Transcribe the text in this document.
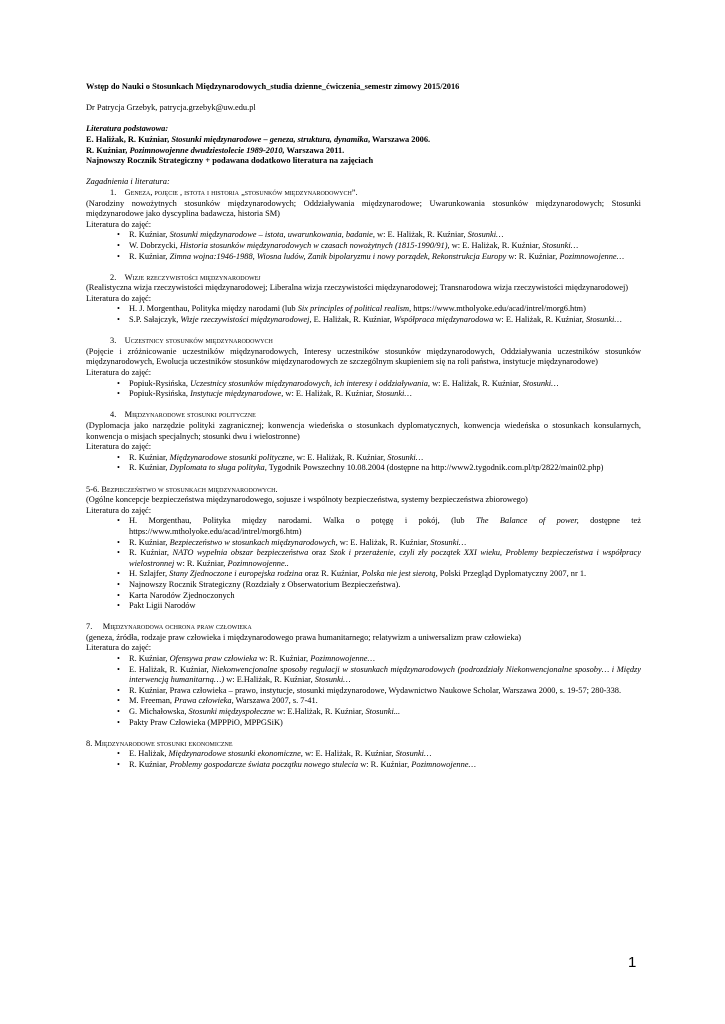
Wstęp do Nauki o Stosunkach Międzynarodowych_studia dzienne_ćwiczenia_semestr zimowy 2015/2016

Dr Patrycja Grzebyk, patrycja.grzebyk@uw.edu.pl

Literatura podstawowa:

E. Haliżak, R. Kuźniar, Stosunki międzynarodowe – geneza, struktura, dynamika, Warszawa 2006.

R. Kuźniar, Pozimnowojenne dwudziestolecie 1989-2010, Warszawa 2011.

Najnowszy Rocznik Strategiczny + podawana dodatkowo literatura na zajęciach

Zagadnienia i literatura:

1. Geneza, pojęcie , istota i historia „stosunków międzynarodowych”.

(Narodziny nowożytnych stosunków międzynarodowych; Oddziaływania międzynarodowe; Uwarunkowania stosunków międzynarodowych; Stosunki międzynarodowe jako dyscyplina badawcza, historia SM)

Literatura do zajęć:

• R. Kuźniar, Stosunki międzynarodowe – istota, uwarunkowania, badanie, w: E. Haliżak, R. Kuźniar, Stosunki…
• W. Dobrzycki, Historia stosunków międzynarodowych w czasach nowożytnych (1815-1990/91), w: E. Haliżak, R. Kuźniar, Stosunki…
• R. Kuźniar, Zimna wojna:1946-1988, Wiosna ludów, Zanik bipolaryzmu i nowy porządek, Rekonstrukcja Europy w: R. Kuźniar, Pozimnowojenne…

2. Wizje rzeczywistości międzynarodowej

(Realistyczna wizja rzeczywistości międzynarodowej; Liberalna wizja rzeczywistości międzynarodowej; Transnarodowa wizja rzeczywistości międzynarodowej)

Literatura do zajęć:

• H. J. Morgenthau, Polityka między narodami (lub Six principles of political realism, https://www.mtholyoke.edu/acad/intrel/morg6.htm)
• S.P. Sałajczyk, Wizje rzeczywistości międzynarodowej, E. Haliżak, R. Kuźniar, Współpraca międzynarodowa w: E. Haliżak, R. Kuźniar, Stosunki…

3. Uczestnicy stosunków międzynarodowych

(Pojęcie i zróżnicowanie uczestników międzynarodowych, Interesy uczestników stosunków międzynarodowych, Oddziaływania uczestników stosunków międzynarodowych, Ewolucja uczestników stosunków międzynarodowych ze szczególnym skupieniem się na roli państwa, instytucje międzynarodowe)

Literatura do zajęć:

• Popiuk-Rysińska, Uczestnicy stosunków międzynarodowych, ich interesy i oddziaływania, w: E. Haliżak, R. Kuźniar, Stosunki…
• Popiuk-Rysińska, Instytucje międzynarodowe, w: E. Haliżak, R. Kuźniar, Stosunki…

4. Międzynarodowe stosunki polityczne

(Dyplomacja jako narzędzie polityki zagranicznej; konwencja wiedeńska o stosunkach dyplomatycznych, konwencja wiedeńska o stosunkach konsularnych, konwencja o misjach specjalnych; stosunki dwu i wielostronne)

Literatura do zajęć:

• R. Kuźniar, Międzynarodowe stosunki polityczne, w: E. Haliżak, R. Kuźniar, Stosunki…
• R. Kuźniar, Dyplomata to sługa polityka, Tygodnik Powszechny 10.08.2004 (dostępne na http://www2.tygodnik.com.pl/tp/2822/main02.php)

5-6. Bezpieczeństwo w stosunkach międzynarodowych.

(Ogólne koncepcje bezpieczeństwa międzynarodowego, sojusze i wspólnoty bezpieczeństwa, systemy bezpieczeństwa zbiorowego)

Literatura do zajęć:

• H. Morgenthau, Polityka między narodami. Walka o potęgę i pokój, (lub The Balance of power, dostępne też https://www.mtholyoke.edu/acad/intrel/morg6.htm)
• R. Kuźniar, Bezpieczeństwo w stosunkach międzynarodowych, w: E. Haliżak, R. Kuźniar, Stosunki…
• R. Kuźniar, NATO wypełnia obszar bezpieczeństwa oraz Szok i przerażenie, czyli zły początek XXI wieku, Problemy bezpieczeństwa i współpracy wielostronnej w: R. Kuźniar, Pozimnowojenne..
• H. Szlajfer, Stany Zjednoczone i europejska rodzina oraz R. Kuźniar, Polska nie jest sierotą, Polski Przegląd Dyplomatyczny 2007, nr 1.
• Najnowszy Rocznik Strategiczny (Rozdziały z Obserwatorium Bezpieczeństwa).
• Karta Narodów Zjednoczonych
• Pakt Ligii Narodów

7. Międzynarodowa ochrona praw człowieka

(geneza, źródła, rodzaje praw człowieka i międzynarodowego prawa humanitarnego; relatywizm a uniwersalizm praw człowieka)

Literatura do zajęć:

• R. Kuźniar, Ofensywa praw człowieka w: R. Kuźniar, Pozimnowojenne…
• E. Haliżak, R. Kuźniar, Niekonwencjonalne sposoby regulacji w stosunkach międzynarodowych (podrozdziały Niekonwencjonalne sposoby… i Między interwencją humanitarną…) w: E.Haliżak, R. Kuźniar, Stosunki…
• R. Kuźniar, Prawa człowieka – prawo, instytucje, stosunki międzynarodowe, Wydawnictwo Naukowe Scholar, Warszawa 2000, s. 19-57; 280-338.
• M. Freeman, Prawa człowieka, Warszawa 2007, s. 7-41.
• G. Michałowska, Stosunki międzyspołeczne w: E.Haliżak, R. Kuźniar, Stosunki...
• Pakty Praw Człowieka (MPPPiO, MPPGSiK)

8. Międzynarodowe stosunki ekonomiczne

• E. Haliżak, Międzynarodowe stosunki ekonomiczne, w: E. Haliżak, R. Kuźniar, Stosunki…
• R. Kuźniar, Problemy gospodarcze świata początku nowego stulecia w: R. Kuźniar, Pozimnowojenne…
1
